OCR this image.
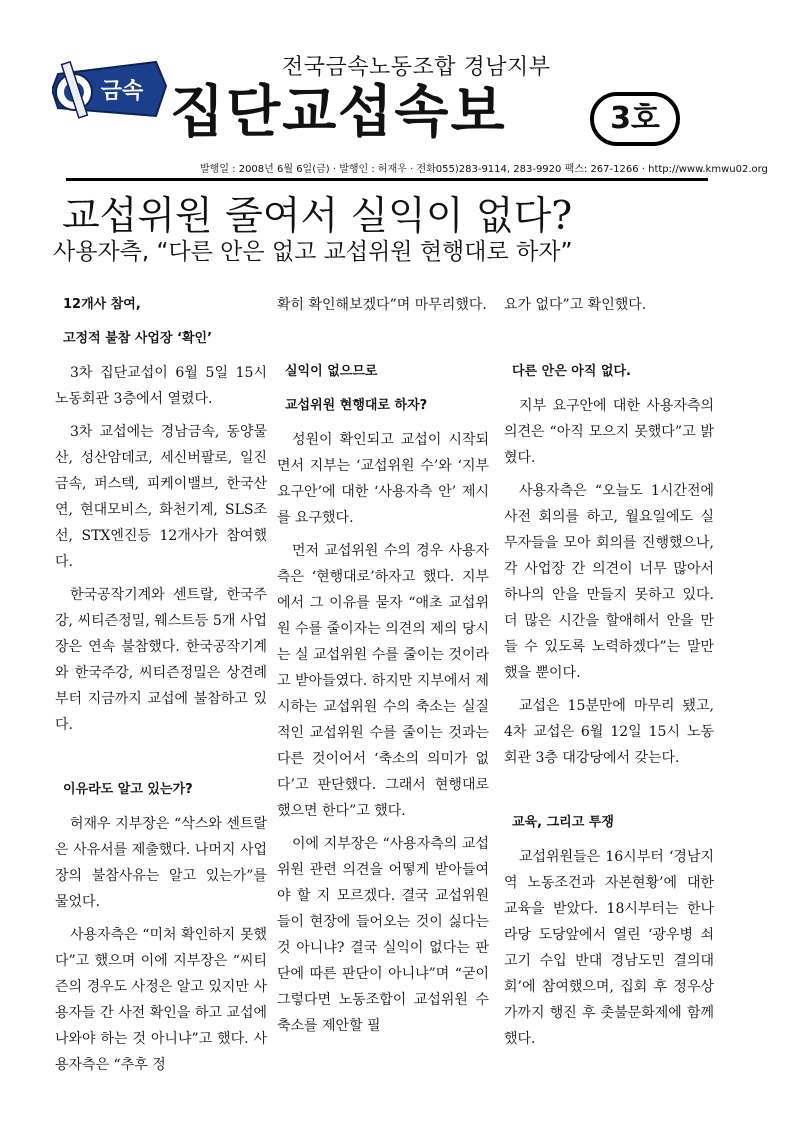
금속
전국금속노동조합 경남지부
집단교섭속보	3호
발행일 : 2008년 6월 6일(금) · 발행인 : 허재우 · 전화055)283-9114, 283-9920 팩스: 267-1266 · http://www.kmwu02.org
교섭위원 줄여서 실익이 없다?
사용자측, “다른 안은 없고 교섭위원 현행대로 하자”

12개사 참여,

고정적 불참 사업장 ‘확인’

3차 집단교섭이 6월 5일 15시 노동회관 3층에서 열렸다.

3차 교섭에는 경남금속, 동양물산, 성산암데코, 세신버팔로, 일진금속, 퍼스텍, 피케이밸브, 한국산연, 현대모비스, 화천기계, SLS조선, STX엔진등 12개사가 참여했다.

한국공작기계와 센트랄, 한국주강, 씨티즌정밀, 웨스트등 5개 사업장은 연속 불참했다. 한국공작기계와 한국주강, 씨티즌정밀은 상견례부터 지금까지 교섭에 불참하고 있다.

이유라도 알고 있는가?

허재우 지부장은 “삭스와 센트랄은 사유서를 제출했다. 나머지 사업장의 불참사유는 알고 있는가”를 물었다.

사용자측은 “미처 확인하지 못했다”고 했으며 이에 지부장은 “씨티즌의 경우도 사정은 알고 있지만 사용자들 간 사전 확인을 하고 교섭에 나와야 하는 것 아니냐”고 했다. 사용자측은 “추후 정

확히 확인해보겠다”며 마무리했다.

실익이 없으므로

교섭위원 현행대로 하자?

성원이 확인되고 교섭이 시작되면서 지부는 ‘교섭위원 수’와 ‘지부 요구안’에 대한 ‘사용자측 안’ 제시를 요구했다.

먼저 교섭위원 수의 경우 사용자측은 ‘현행대로’하자고 했다. 지부에서 그 이유를 묻자 “애초 교섭위원 수를 줄이자는 의견의 제의 당시는 실 교섭위원 수를 줄이는 것이라고 받아들였다. 하지만 지부에서 제시하는 교섭위원 수의 축소는 실질적인 교섭위원 수를 줄이는 것과는 다른 것이어서 ‘축소의 의미가 없다’고 판단했다. 그래서 현행대로 했으면 한다”고 했다.

이에 지부장은 “사용자측의 교섭위원 관련 의견을 어떻게 받아들여야 할 지 모르겠다. 결국 교섭위원들이 현장에 들어오는 것이 싫다는 것 아니냐? 결국 실익이 없다는 판단에 따른 판단이 아니냐”며 “굳이 그렇다면 노동조합이 교섭위원 수 축소를 제안할 필

요가 없다”고 확인했다.

다른 안은 아직 없다.

지부 요구안에 대한 사용자측의 의견은 “아직 모으지 못했다”고 밝혔다.

사용자측은 “오늘도 1시간전에 사전 회의를 하고, 월요일에도 실무자들을 모아 회의를 진행했으나, 각 사업장 간 의견이 너무 많아서 하나의 안을 만들지 못하고 있다. 더 많은 시간을 할애해서 안을 만들 수 있도록 노력하겠다”는 말만 했을 뿐이다.

교섭은 15분만에 마무리 됐고, 4차 교섭은 6월 12일 15시 노동회관 3층 대강당에서 갖는다.

교육, 그리고 투쟁

교섭위원들은 16시부터 ‘경남지역 노동조건과 자본현황’에 대한 교육을 받았다. 18시부터는 한나라당 도당앞에서 열린 ‘광우병 쇠고기 수입 반대 경남도민 결의대회’에 참여했으며, 집회 후 정우상가까지 행진 후 촛불문화제에 함께했다.
